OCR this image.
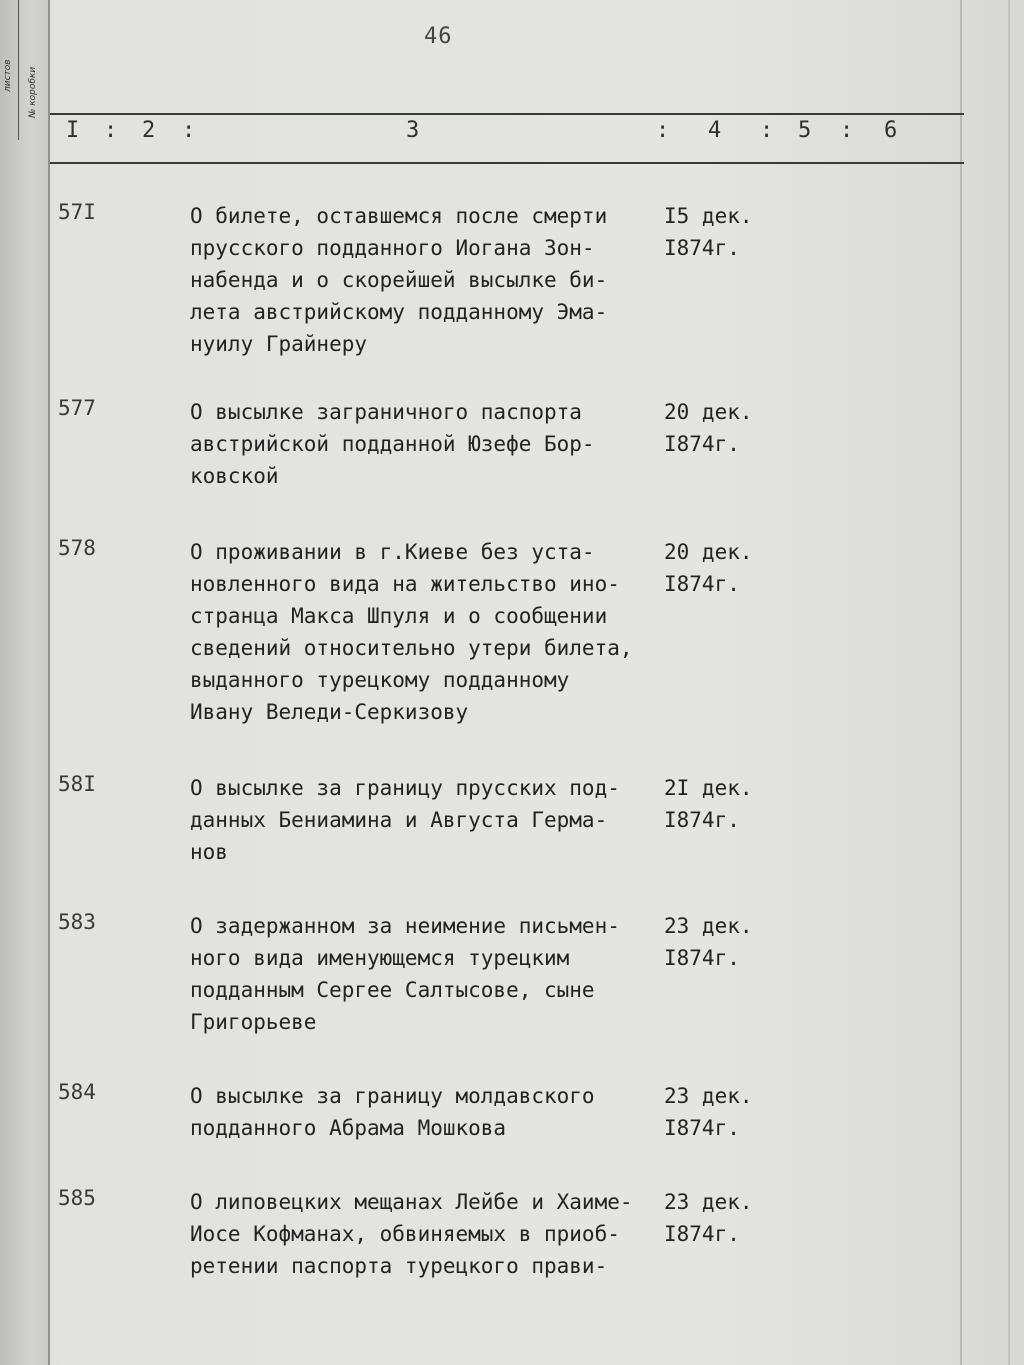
листов № коробки
46
I : 2 :	3	: 4 : 5 : 6
57I	О билете, оставшемся после смерти
прусского подданного Иогана Зон-
набенда и о скорейшей высылке би-
лета австрийскому подданному Эма-
нуилу Грайнеру
I5 дек.
I874г.
577	О высылке заграничного паспорта
австрийской подданной Юзефе Бор-
ковской
20 дек.
I874г.
578	О проживании в г.Киеве без уста-
новленного вида на жительство ино-
странца Макса Шпуля и о сообщении
сведений относительно утери билета,
выданного турецкому подданному
Ивану Веледи-Серкизову
20 дек.
I874г.
58I	О высылке за границу прусских под-
данных Бениамина и Августа Герма-
нов
2I дек.
I874г.
583	О задержанном за неимение письмен-
ного вида именующемся турецким
подданным Сергее Салтысове, сыне
Григорьеве
23 дек.
I874г.
584	О высылке за границу молдавского
подданного Абрама Мошкова
23 дек.
I874г.
585	О липовецких мещанах Лейбе и Хаиме-
Иосе Кофманах, обвиняемых в приоб-
ретении паспорта турецкого прави-
23 дек.
I874г.
